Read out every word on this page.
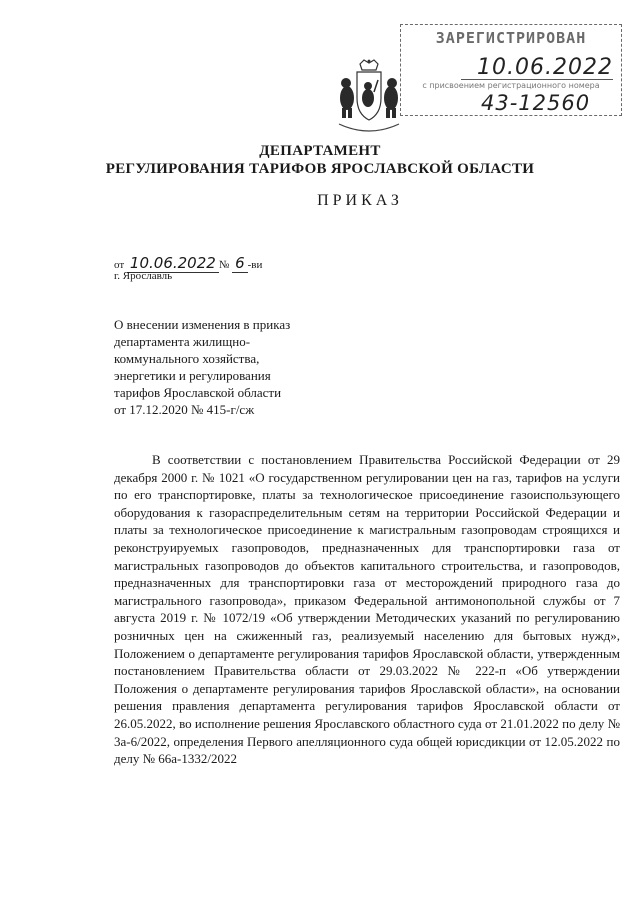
ЗАРЕГИСТРИРОВАН
10.06.2022
с присвоением регистрационного номера
43-12560
ДЕПАРТАМЕНТ
РЕГУЛИРОВАНИЯ ТАРИФОВ ЯРОСЛАВСКОЙ ОБЛАСТИ
ПРИКАЗ
от 10.06.2022 № 6 -ви
г. Ярославль
О внесении изменения в приказ
департамента жилищно-
коммунального хозяйства,
энергетики и регулирования
тарифов Ярославской области
от 17.12.2020 № 415-г/сж

В соответствии с постановлением Правительства Российской Федерации от 29 декабря 2000 г. № 1021 «О государственном регулировании цен на газ, тарифов на услуги по его транспортировке, платы за технологическое присоединение газоиспользующего оборудования к газораспределительным сетям на территории Российской Федерации и платы за технологическое присоединение к магистральным газопроводам строящихся и реконструируемых газопроводов, предназначенных для транспортировки газа от магистральных газопроводов до объектов капитального строительства, и газопроводов, предназначенных для транспортировки газа от месторождений природного газа до магистрального газопровода», приказом Федеральной антимонопольной службы от 7 августа 2019 г. № 1072/19 «Об утверждении Методических указаний по регулированию розничных цен на сжиженный газ, реализуемый населению для бытовых нужд», Положением о департаменте регулирования тарифов Ярославской области, утвержденным постановлением Правительства области от 29.03.2022 № 222-п «Об утверждении Положения о департаменте регулирования тарифов Ярославской области», на основании решения правления департамента регулирования тарифов Ярославской области от 26.05.2022, во исполнение решения Ярославского областного суда от 21.01.2022 по делу № 3а-6/2022, определения Первого апелляционного суда общей юрисдикции от 12.05.2022 по делу № 66а-1332/2022
